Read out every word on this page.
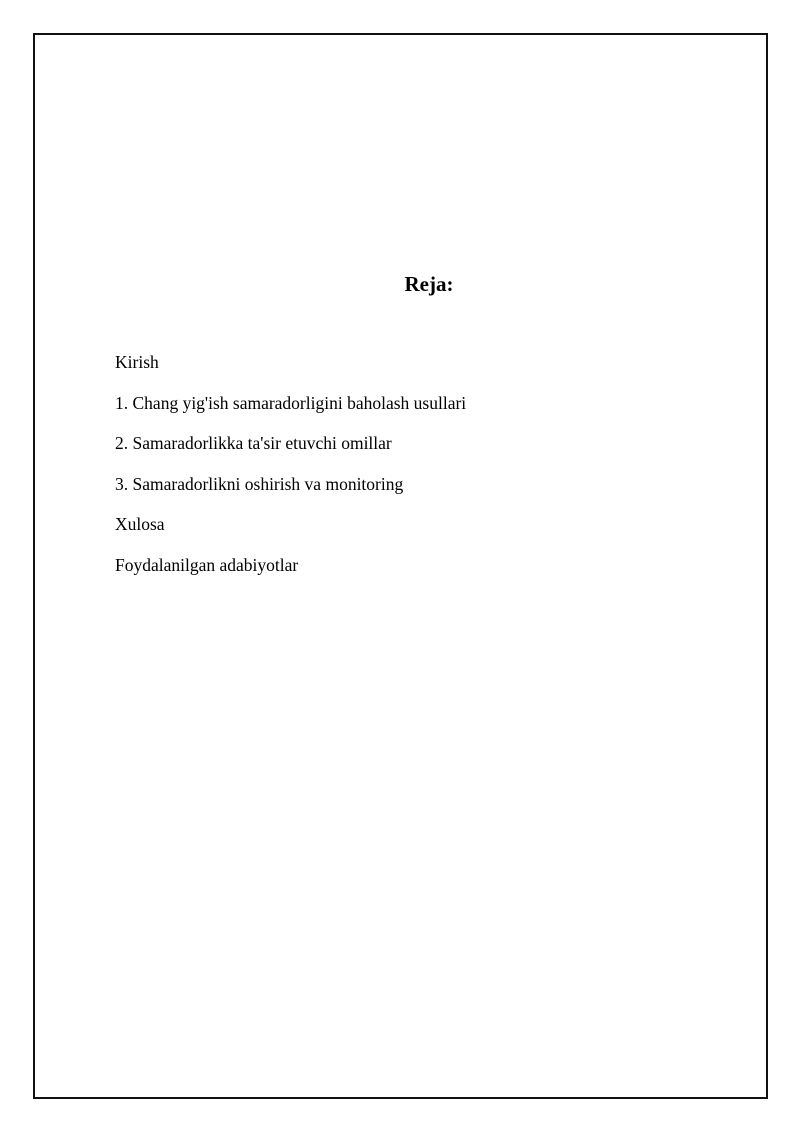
Reja:
Kirish
1. Chang yig'ish samaradorligini baholash usullari
2. Samaradorlikka ta'sir etuvchi omillar
3. Samaradorlikni oshirish va monitoring
Xulosa
Foydalanilgan adabiyotlar
